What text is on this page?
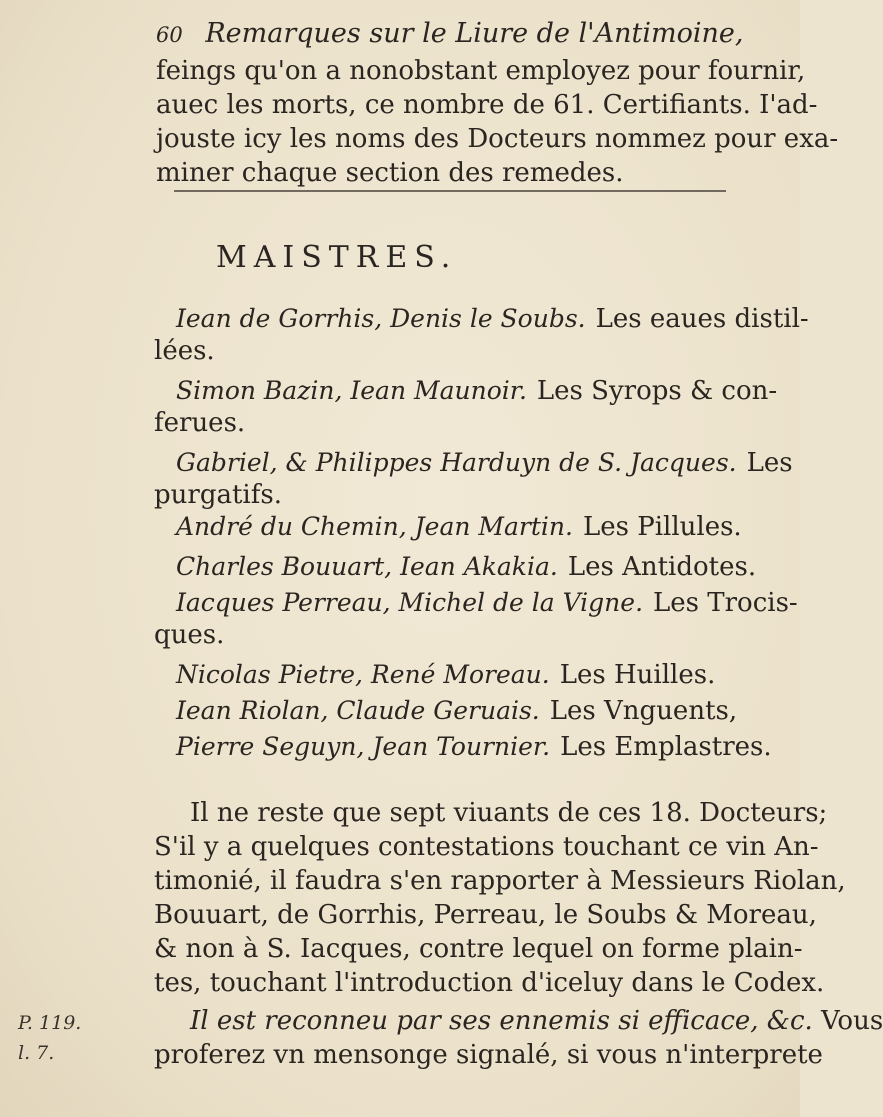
60 Remarques sur le Liure de l'Antimoine,
feings qu'on a nonobstant employez pour fournir,
auec les morts, ce nombre de 61. Certifiants. I'ad-
jouste icy les noms des Docteurs nommez pour exa-
miner chaque section des remedes.
MAISTRES.
Iean de Gorrhis, Denis le Soubs. Les eaues distil-
lées.
Simon Bazin, Iean Maunoir. Les Syrops & con-
ferues.
Gabriel, & Philippes Harduyn de S. Jacques. Les
purgatifs.
André du Chemin, Jean Martin. Les Pillules.
Charles Bouuart, Iean Akakia. Les Antidotes.
Iacques Perreau, Michel de la Vigne. Les Trocis-
ques.
Nicolas Pietre, René Moreau. Les Huilles.
Iean Riolan, Claude Geruais. Les Vnguents,
Pierre Seguyn, Jean Tournier. Les Emplastres.
Il ne reste que sept viuants de ces 18. Docteurs;
S'il y a quelques contestations touchant ce vin An-
timonié, il faudra s'en rapporter à Messieurs Riolan,
Bouuart, de Gorrhis, Perreau, le Soubs & Moreau,
& non à S. Iacques, contre lequel on forme plain-
tes, touchant l'introduction d'iceluy dans le Codex.
Il est reconneu par ses ennemis si efficace, &c. Vous
proferez vn mensonge signalé, si vous n'interprete
P. 119.
l. 7.
